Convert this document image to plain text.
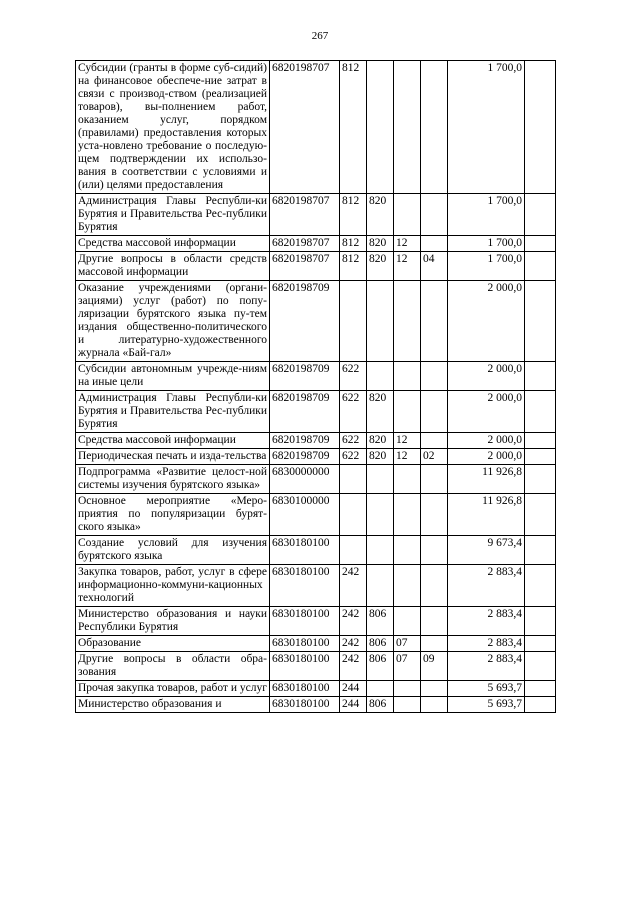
267
Субсидии (гранты в форме суб-сидий) на финансовое обеспече-ние затрат в связи с производ-ством (реализацией товаров), вы-полнением работ, оказанием услуг, порядком (правилами) предоставления которых уста-новлено требование о последую-щем подтверждении их использо-вания в соответствии с условиями и (или) целями предоставления	6820198707	812				1 700,0	
Администрация Главы Республи-ки Бурятия и Правительства Рес-публики Бурятия	6820198707	812	820			1 700,0	
Средства массовой информации	6820198707	812	820	12		1 700,0	
Другие вопросы в области средств массовой информации	6820198707	812	820	12	04	1 700,0	
Оказание учреждениями (органи-зациями) услуг (работ) по попу-ляризации бурятского языка пу-тем издания общественно-политического и литературно-художественного журнала «Бай-гал»	6820198709					2 000,0	
Субсидии автономным учрежде-ниям на иные цели	6820198709	622				2 000,0	
Администрация Главы Республи-ки Бурятия и Правительства Рес-публики Бурятия	6820198709	622	820			2 000,0	
Средства массовой информации	6820198709	622	820	12		2 000,0	
Периодическая печать и изда-тельства	6820198709	622	820	12	02	2 000,0	
Подпрограмма «Развитие целост-ной системы изучения бурятского языка»	6830000000					11 926,8	
Основное мероприятие «Меро-приятия по популяризации бурят-ского языка»	6830100000					11 926,8	
Создание условий для изучения бурятского языка	6830180100					9 673,4	
Закупка товаров, работ, услуг в сфере информационно-коммуни-кационных технологий	6830180100	242				2 883,4	
Министерство образования и науки Республики Бурятия	6830180100	242	806			2 883,4	
Образование	6830180100	242	806	07		2 883,4	
Другие вопросы в области обра-зования	6830180100	242	806	07	09	2 883,4	
Прочая закупка товаров, работ и услуг	6830180100	244				5 693,7	
Министерство образования и	6830180100	244	806			5 693,7	
